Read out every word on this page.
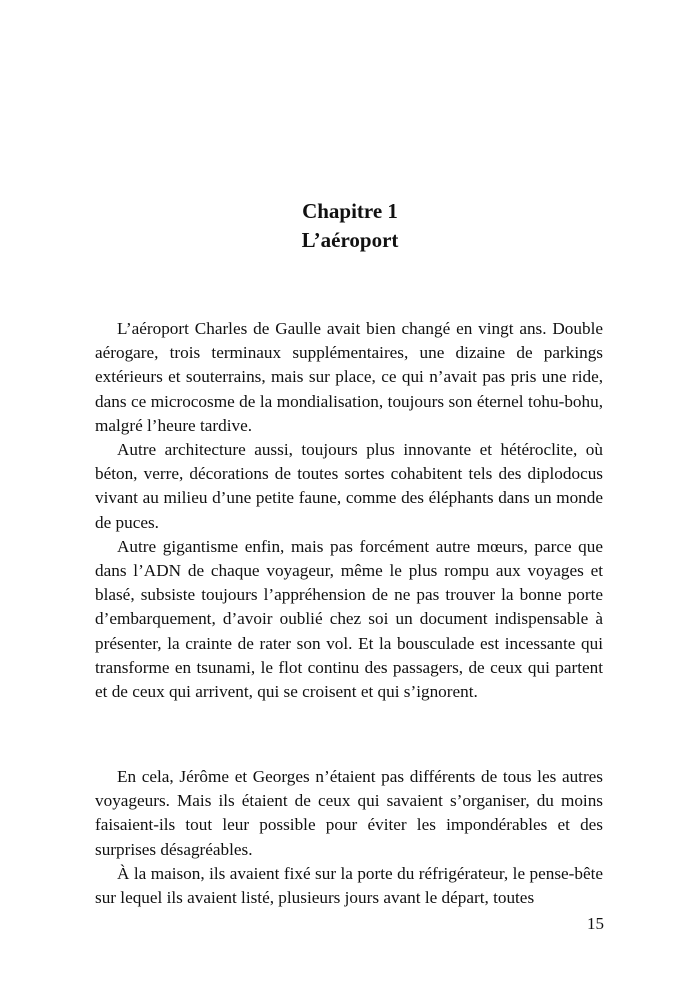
Chapitre 1
L’aéroport

L’aéroport Charles de Gaulle avait bien changé en vingt ans. Double aérogare, trois terminaux supplémentaires, une dizaine de parkings extérieurs et souterrains, mais sur place, ce qui n’avait pas pris une ride, dans ce microcosme de la mondialisation, toujours son éternel tohu-bohu, malgré l’heure tardive.

Autre architecture aussi, toujours plus innovante et hétéroclite, où béton, verre, décorations de toutes sortes cohabitent tels des diplodocus vivant au milieu d’une petite faune, comme des éléphants dans un monde de puces.

Autre gigantisme enfin, mais pas forcément autre mœurs, parce que dans l’ADN de chaque voyageur, même le plus rompu aux voyages et blasé, subsiste toujours l’appréhension de ne pas trouver la bonne porte d’embarquement, d’avoir oublié chez soi un document indispensable à présenter, la crainte de rater son vol. Et la bousculade est incessante qui transforme en tsunami, le flot continu des passagers, de ceux qui partent et de ceux qui arrivent, qui se croisent et qui s’ignorent.

En cela, Jérôme et Georges n’étaient pas différents de tous les autres voyageurs. Mais ils étaient de ceux qui savaient s’organiser, du moins faisaient-ils tout leur possible pour éviter les impondérables et des surprises désagréables.

À la maison, ils avaient fixé sur la porte du réfrigérateur, le pense-bête sur lequel ils avaient listé, plusieurs jours avant le départ, toutes

15
